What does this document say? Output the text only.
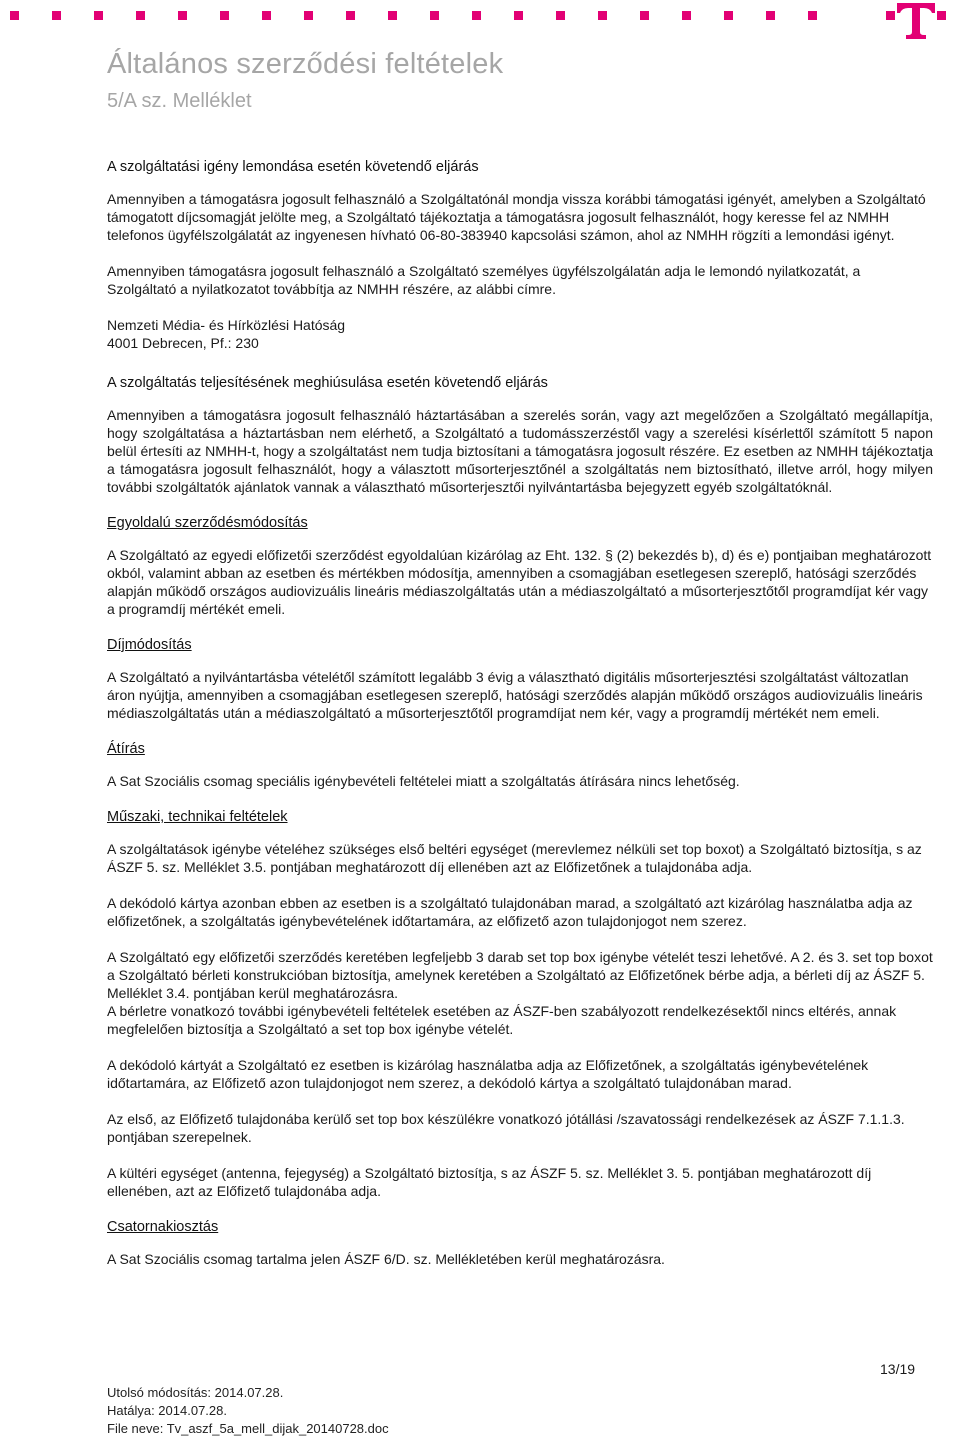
Általános szerződési feltételek
5/A sz. Melléklet
A szolgáltatási igény lemondása esetén követendő eljárás

Amennyiben a támogatásra jogosult felhasználó a Szolgáltatónál mondja vissza korábbi támogatási igényét, amelyben a Szolgáltató támogatott díjcsomagját jelölte meg, a Szolgáltató tájékoztatja a támogatásra jogosult felhasználót, hogy keresse fel az NMHH telefonos ügyfélszolgálatát az ingyenesen hívható 06-80-383940 kapcsolási számon, ahol az NMHH rögzíti a lemondási igényt.

Amennyiben támogatásra jogosult felhasználó a Szolgáltató személyes ügyfélszolgálatán adja le lemondó nyilatkozatát, a Szolgáltató a nyilatkozatot továbbítja az NMHH részére, az alábbi címre.

Nemzeti Média- és Hírközlési Hatóság
4001 Debrecen, Pf.: 230
A szolgáltatás teljesítésének meghiúsulása esetén követendő eljárás

Amennyiben a támogatásra jogosult felhasználó háztartásában a szerelés során, vagy azt megelőzően a Szolgáltató megállapítja, hogy szolgáltatása a háztartásban nem elérhető, a Szolgáltató a tudomásszerzéstől vagy a szerelési kísérlettől számított 5 napon belül értesíti az NMHH-t, hogy a szolgáltatást nem tudja biztosítani a támogatásra jogosult részére. Ez esetben az NMHH tájékoztatja a támogatásra jogosult felhasználót, hogy a választott műsorterjesztőnél a szolgáltatás nem biztosítható, illetve arról, hogy milyen további szolgáltatók ajánlatok vannak a választható műsorterjesztői nyilvántartásba bejegyzett egyéb szolgáltatóknál.

Egyoldalú szerződésmódosítás

A Szolgáltató az egyedi előfizetői szerződést egyoldalúan kizárólag az Eht. 132. § (2) bekezdés b), d) és e) pontjaiban meghatározott okból, valamint abban az esetben és mértékben módosítja, amennyiben a csomagjában esetlegesen szereplő, hatósági szerződés alapján működő országos audiovizuális lineáris médiaszolgáltatás után a médiaszolgáltató a műsorterjesztőtől programdíjat kér vagy a programdíj mértékét emeli.

Díjmódosítás

A Szolgáltató a nyilvántartásba vételétől számított legalább 3 évig a választható digitális műsorterjesztési szolgáltatást változatlan áron nyújtja, amennyiben a csomagjában esetlegesen szereplő, hatósági szerződés alapján működő országos audiovizuális lineáris médiaszolgáltatás után a médiaszolgáltató a műsorterjesztőtől programdíjat nem kér, vagy a programdíj mértékét nem emeli.

Átírás

A Sat Szociális csomag speciális igénybevételi feltételei miatt a szolgáltatás átírására nincs lehetőség.

Műszaki, technikai feltételek

A szolgáltatások igénybe vételéhez szükséges első beltéri egységet (merevlemez nélküli set top boxot) a Szolgáltató biztosítja, s az ÁSZF 5. sz. Melléklet 3.5. pontjában meghatározott díj ellenében azt az Előfizetőnek a tulajdonába adja.

A dekódoló kártya azonban ebben az esetben is a szolgáltató tulajdonában marad, a szolgáltató azt kizárólag használatba adja az előfizetőnek, a szolgáltatás igénybevételének időtartamára, az előfizető azon tulajdonjogot nem szerez.

A Szolgáltató egy előfizetői szerződés keretében legfeljebb 3 darab set top box igénybe vételét teszi lehetővé. A 2. és 3. set top boxot a Szolgáltató bérleti konstrukcióban biztosítja, amelynek keretében a Szolgáltató az Előfizetőnek bérbe adja, a bérleti díj az ÁSZF 5. Melléklet 3.4. pontjában kerül meghatározásra.

A bérletre vonatkozó további igénybevételi feltételek esetében az ÁSZF-ben szabályozott rendelkezésektől nincs eltérés, annak megfelelően biztosítja a Szolgáltató a set top box igénybe vételét.

A dekódoló kártyát a Szolgáltató ez esetben is kizárólag használatba adja az Előfizetőnek, a szolgáltatás igénybevételének időtartamára, az Előfizető azon tulajdonjogot nem szerez, a dekódoló kártya a szolgáltató tulajdonában marad.

Az első, az Előfizető tulajdonába kerülő set top box készülékre vonatkozó jótállási /szavatossági rendelkezések az ÁSZF 7.1.1.3. pontjában szerepelnek.

A kültéri egységet (antenna, fejegység) a Szolgáltató biztosítja, s az ÁSZF 5. sz. Melléklet 3. 5. pontjában meghatározott díj ellenében, azt az Előfizető tulajdonába adja.

Csatornakiosztás

A Sat Szociális csomag tartalma jelen ÁSZF 6/D. sz. Mellékletében kerül meghatározásra.

13/19
Utolsó módosítás: 2014.07.28.
Hatálya: 2014.07.28.
File neve: Tv_aszf_5a_mell_dijak_20140728.doc
